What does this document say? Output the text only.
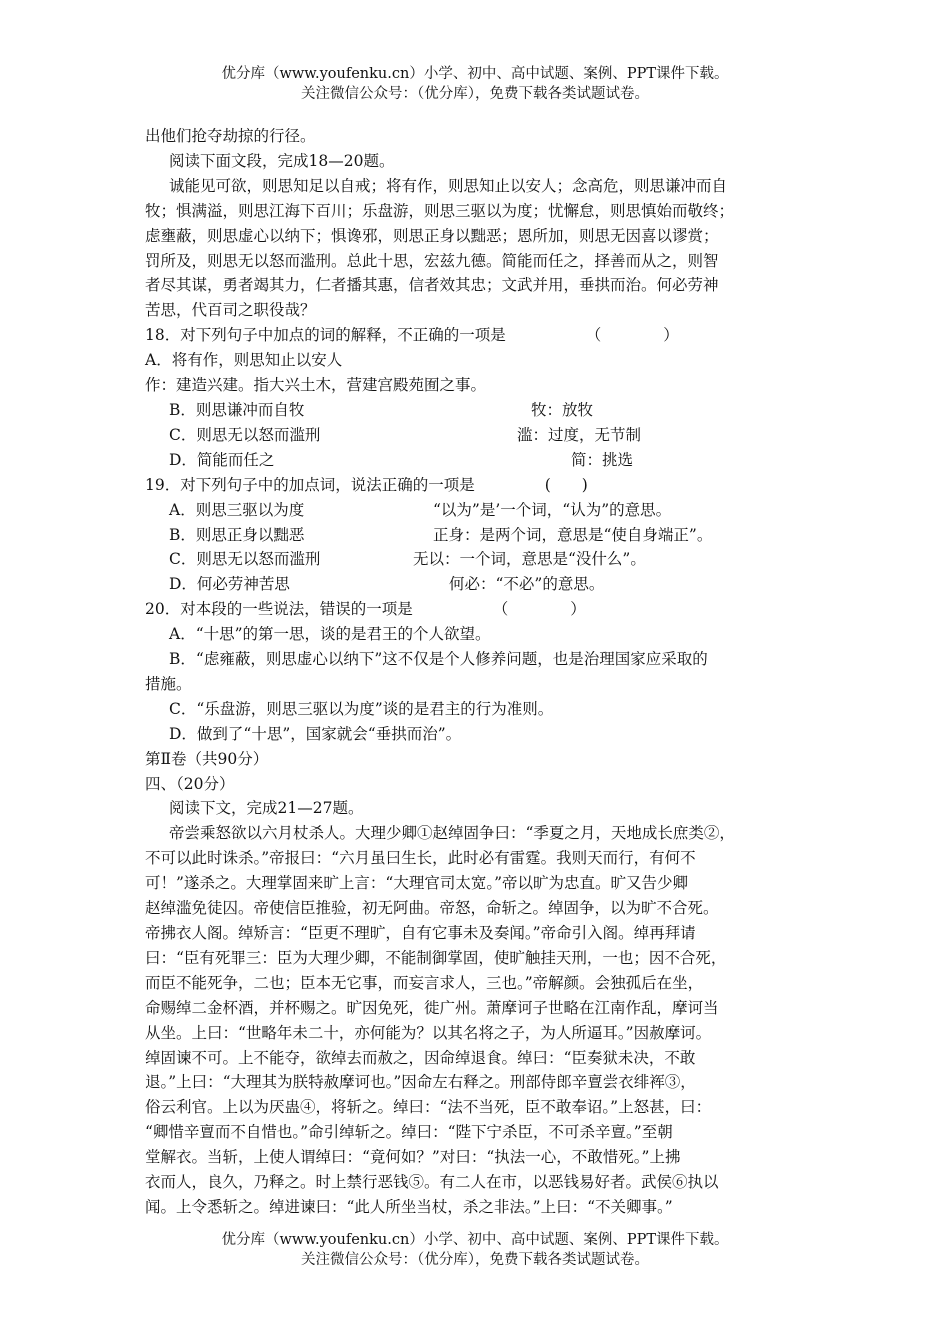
优分库（www.youfenku.cn）小学、初中、高中试题、案例、PPT课件下载。
关注微信公众号：（优分库），免费下载各类试题试卷。

出他们抢夺劫掠的行径。

阅读下面文段，完成18—20题。

诚能见可欲，则思知足以自戒；将有作，则思知止以安人；念高危，则思谦冲而自

牧；惧满溢，则思江海下百川；乐盘游，则思三驱以为度；忧懈怠，则思慎始而敬终；

虑壅蔽，则思虚心以纳下；惧谗邪，则思正身以黜恶；恩所加，则思无因喜以谬赏；

罚所及，则思无以怒而滥刑。总此十思，宏兹九德。简能而任之，择善而从之，则智

者尽其谋，勇者竭其力，仁者播其惠，信者效其忠；文武并用，垂拱而治。何必劳神

苦思，代百司之职役哉？

18．对下列句子中加点的词的解释，不正确的一项是	（　　　　）

A．将有作，则思知止以安人

作：建造兴建。指大兴土木，营建宫殿苑囿之事。

B．则思谦冲而自牧	牧：放牧

C．则思无以怒而滥刑	滥：过度，无节制

D．简能而任之	简：挑选

19．对下列句子中的加点词，说法正确的一项是	(　　)

A．则思三驱以为度	“以为”是’一个词，“认为”的意思。

B．则思正身以黜恶	正身：是两个词，意思是“使自身端正”。

C．则思无以怒而滥刑	无以：一个词，意思是“没什么”。

D．何必劳神苦思	何必：“不必”的意思。

20．对本段的一些说法，错误的一项是	（　　　　）

A．“十思”的第一思，谈的是君王的个人欲望。

B．“虑雍蔽，则思虚心以纳下”这不仅是个人修养问题，也是治理国家应采取的

措施。

C．“乐盘游，则思三驱以为度”谈的是君主的行为准则。

D．做到了“十思”，国家就会“垂拱而治”。

第Ⅱ卷（共90分）

四、（20分）

阅读下文，完成21—27题。

帝尝乘怒欲以六月杖杀人。大理少卿①赵绰固争曰：“季夏之月，天地成长庶类②，

不可以此时诛杀。”帝报曰：“六月虽曰生长，此时必有雷霆。我则天而行，有何不

可！”遂杀之。大理掌固来旷上言：“大理官司太宽。”帝以旷为忠直。旷又告少卿

赵绰滥免徒囚。帝使信臣推验，初无阿曲。帝怒，命斩之。绰固争，以为旷不合死。

帝拂衣人阁。绰矫言：“臣更不理旷，自有它事未及奏闻。”帝命引入阁。绰再拜请

曰：“臣有死罪三：臣为大理少卿，不能制御掌固，使旷触挂天刑，一也；因不合死，

而臣不能死争，二也；臣本无它事，而妄言求人，三也。”帝解颜。会独孤后在坐，

命赐绰二金杯酒，并杯赐之。旷因免死，徙广州。萧摩诃子世略在江南作乱，摩诃当

从坐。上曰：“世略年未二十，亦何能为？以其名将之子，为人所逼耳。”因赦摩诃。

绰固谏不可。上不能夺，欲绰去而赦之，因命绰退食。绰曰：“臣奏狱未决，不敢

退。”上曰：“大理其为朕特赦摩诃也。”因命左右释之。刑部侍郎辛亶尝衣绯裈③，

俗云利官。上以为厌蛊④，将斩之。绰曰：“法不当死，臣不敢奉诏。”上怒甚，曰：

“卿惜辛亶而不自惜也。”命引绰斩之。绰曰：“陛下宁杀臣，不可杀辛亶。”至朝

堂解衣。当斩，上使人谓绰曰：“竟何如？”对曰：“执法一心，不敢惜死。”上拂

衣而人，良久，乃释之。时上禁行恶钱⑤。有二人在市，以恶钱易好者。武侯⑥执以

闻。上令悉斩之。绰进谏曰：“此人所坐当杖，杀之非法。”上曰：“不关卿事。”

优分库（www.youfenku.cn）小学、初中、高中试题、案例、PPT课件下载。
关注微信公众号：（优分库），免费下载各类试题试卷。
